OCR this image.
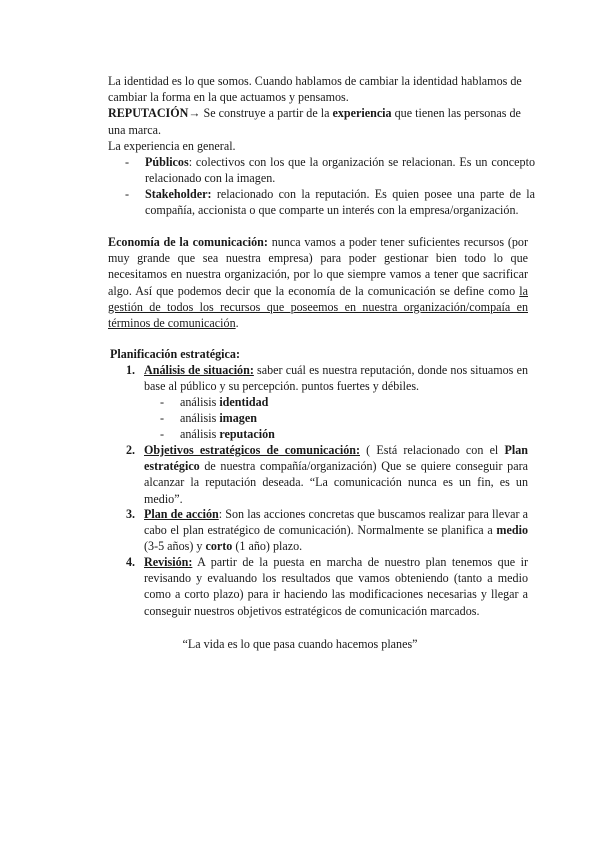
La identidad es lo que somos. Cuando hablamos de cambiar la identidad hablamos de cambiar la forma en la que actuamos y pensamos.

REPUTACIÓN→ Se construye a partir de la experiencia que tienen las personas de una marca.

La experiencia en general.

- Públicos: colectivos con los que la organización se relacionan. Es un concepto relacionado con la imagen.

- Stakeholder: relacionado con la reputación. Es quien posee una parte de la compañía, accionista o que comparte un interés con la empresa/organización.

Economía de la comunicación: nunca vamos a poder tener suficientes recursos (por muy grande que sea nuestra empresa) para poder gestionar bien todo lo que necesitamos en nuestra organización, por lo que siempre vamos a tener que sacrificar algo. Así que podemos decir que la economía de la comunicación se define como la gestión de todos los recursos que poseemos en nuestra organización/compaía en términos de comunicación.

Planificación estratégica:

1. Análisis de situación: saber cuál es nuestra reputación, donde nos situamos en base al público y su percepción. puntos fuertes y débiles.

- análisis identidad

- análisis imagen

- análisis reputación

2. Objetivos estratégicos de comunicación: ( Está relacionado con el Plan estratégico de nuestra compañía/organización) Que se quiere conseguir para alcanzar la reputación deseada. “La comunicación nunca es un fin, es un medio”.

3. Plan de acción: Son las acciones concretas que buscamos realizar para llevar a cabo el plan estratégico de comunicación). Normalmente se planifica a medio (3-5 años) y corto (1 año) plazo.

4. Revisión: A partir de la puesta en marcha de nuestro plan tenemos que ir revisando y evaluando los resultados que vamos obteniendo (tanto a medio como a corto plazo) para ir haciendo las modificaciones necesarias y llegar a conseguir nuestros objetivos estratégicos de comunicación marcados.

“La vida es lo que pasa cuando hacemos planes”
